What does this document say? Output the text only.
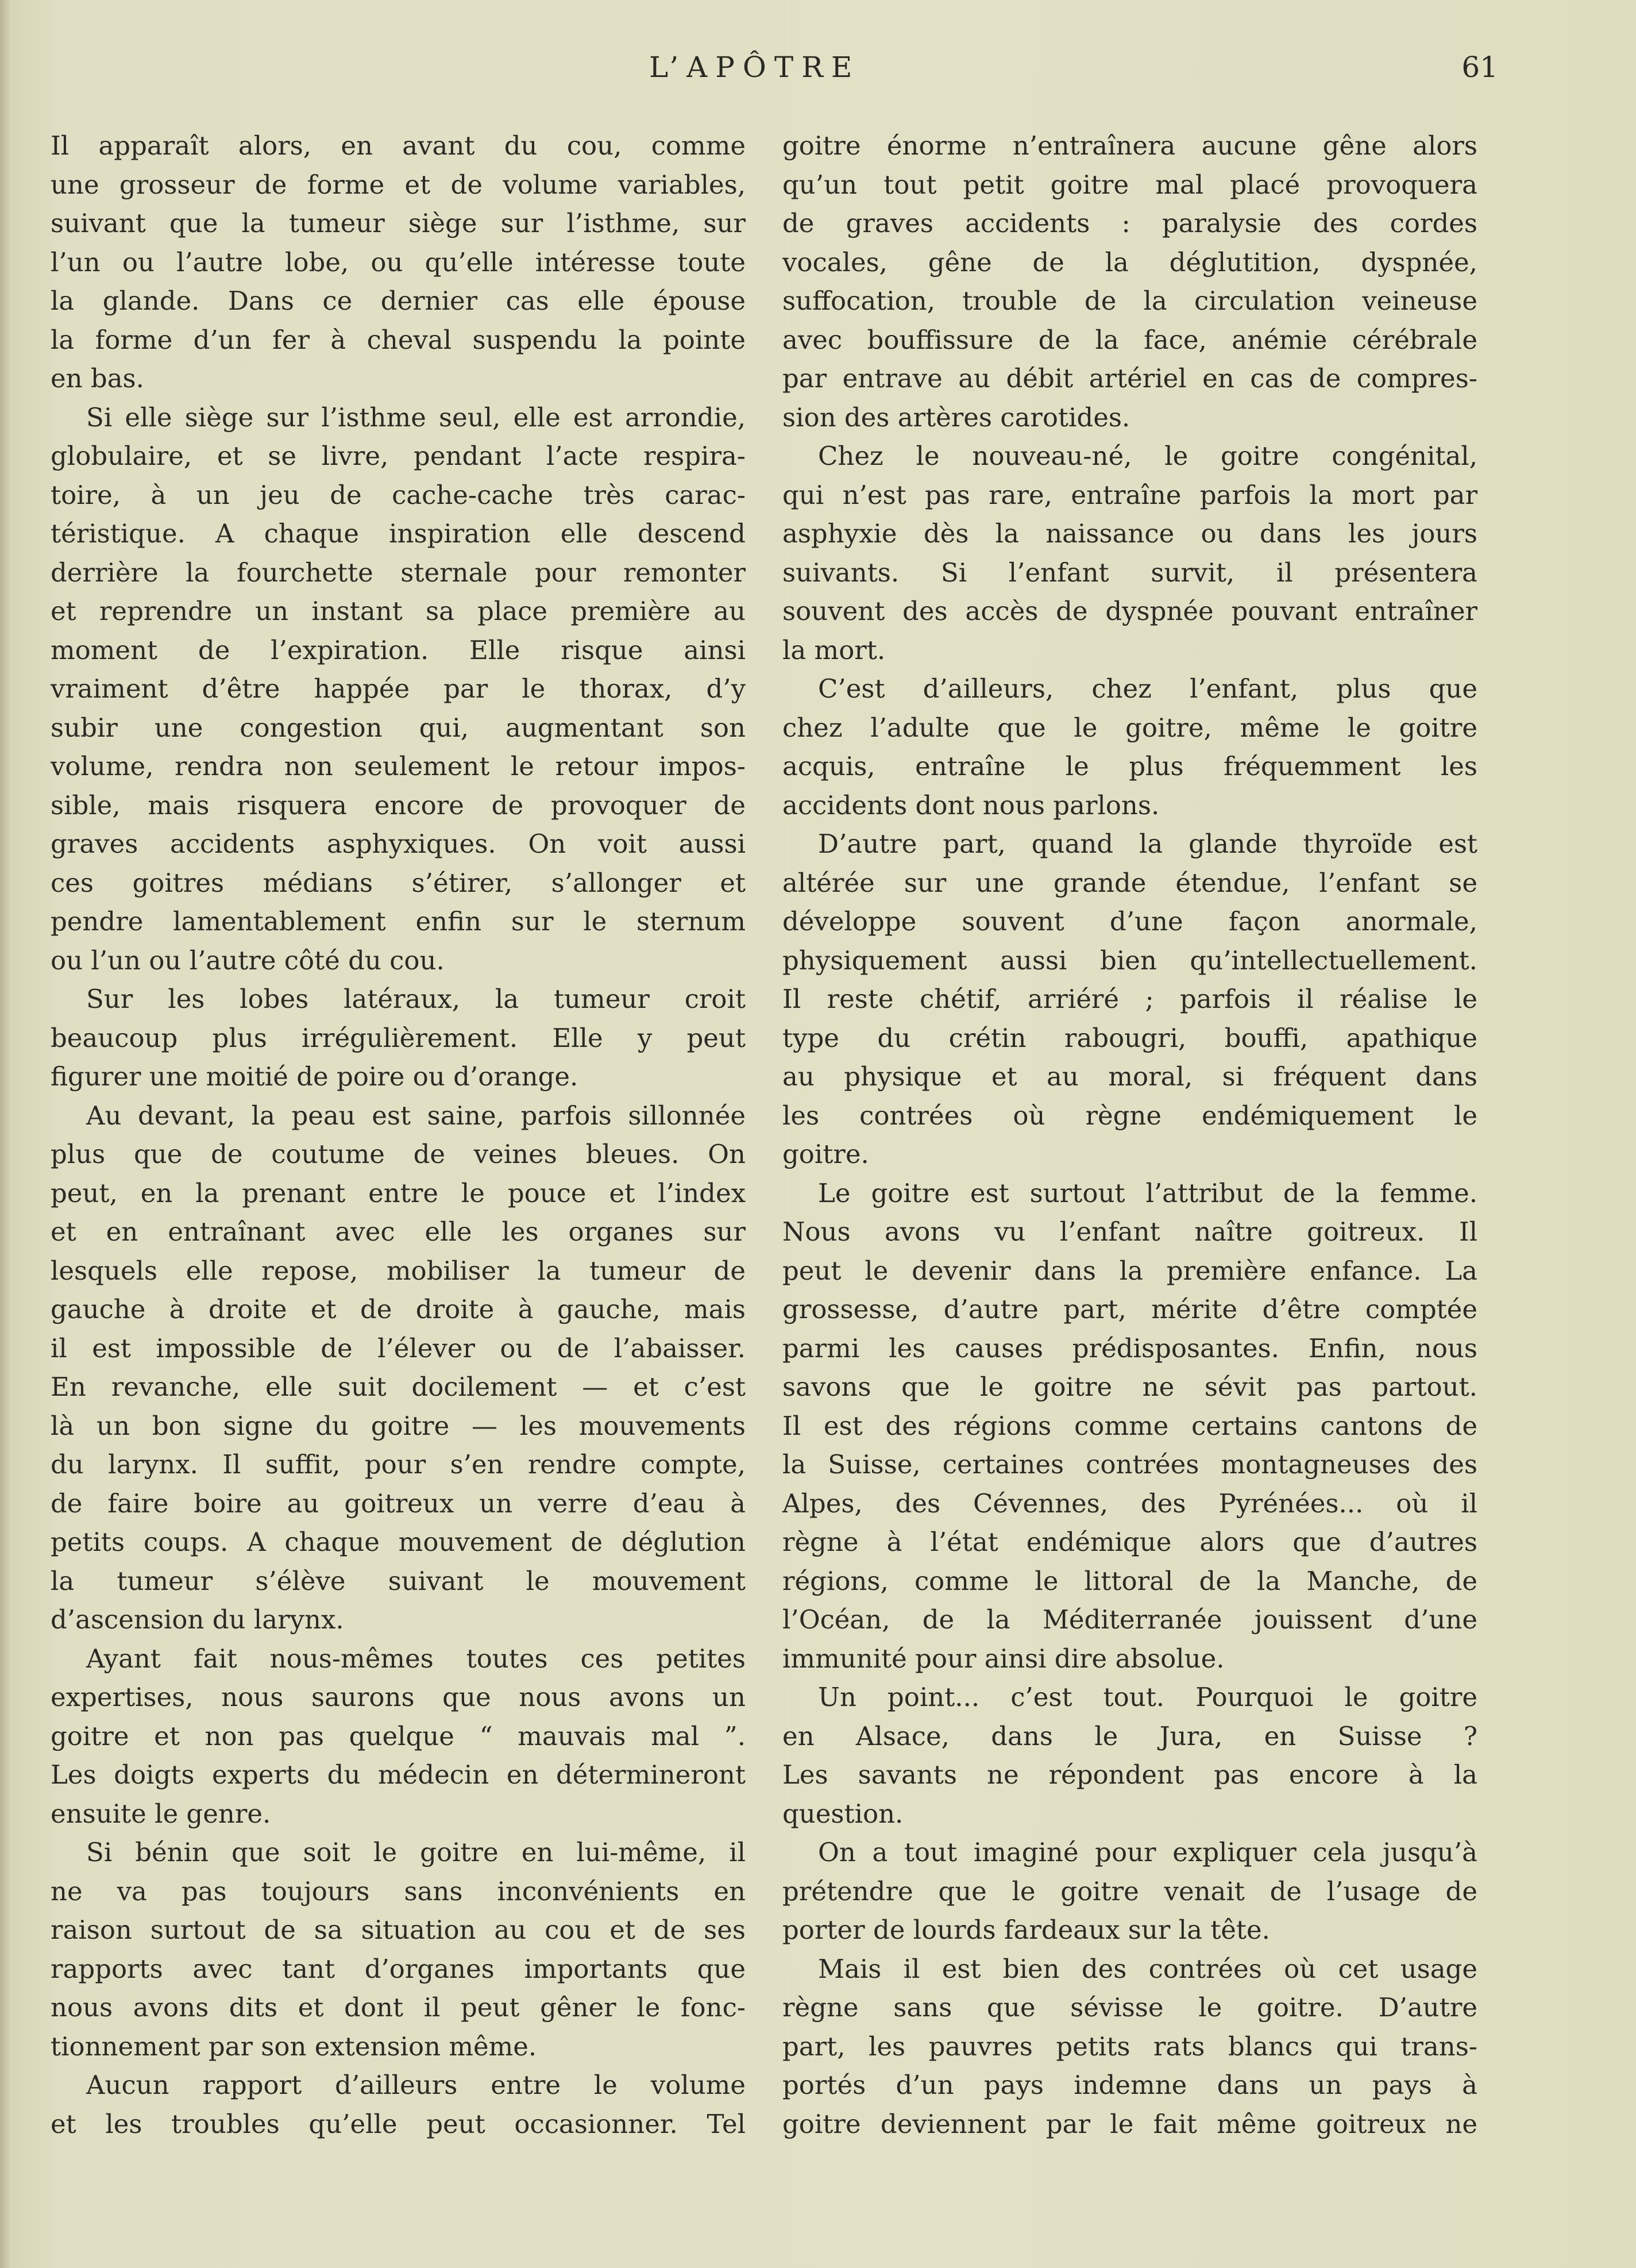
L’APÔTRE	61
Il apparaît alors, en avant du cou, comme
une grosseur de forme et de volume variables,
suivant que la tumeur siège sur l’isthme, sur
l’un ou l’autre lobe, ou qu’elle intéresse toute
la glande. Dans ce dernier cas elle épouse
la forme d’un fer à cheval suspendu la pointe
en bas.
Si elle siège sur l’isthme seul, elle est arrondie,
globulaire, et se livre, pendant l’acte respira-
toire, à un jeu de cache-cache très carac-
téristique. A chaque inspiration elle descend
derrière la fourchette sternale pour remonter
et reprendre un instant sa place première au
moment de l’expiration. Elle risque ainsi
vraiment d’être happée par le thorax, d’y
subir une congestion qui, augmentant son
volume, rendra non seulement le retour impos-
sible, mais risquera encore de provoquer de
graves accidents asphyxiques. On voit aussi
ces goitres médians s’étirer, s’allonger et
pendre lamentablement enfin sur le sternum
ou l’un ou l’autre côté du cou.
Sur les lobes latéraux, la tumeur croit
beaucoup plus irrégulièrement. Elle y peut
figurer une moitié de poire ou d’orange.
Au devant, la peau est saine, parfois sillonnée
plus que de coutume de veines bleues. On
peut, en la prenant entre le pouce et l’index
et en entraînant avec elle les organes sur
lesquels elle repose, mobiliser la tumeur de
gauche à droite et de droite à gauche, mais
il est impossible de l’élever ou de l’abaisser.
En revanche, elle suit docilement — et c’est
là un bon signe du goitre — les mouvements
du larynx. Il suffit, pour s’en rendre compte,
de faire boire au goitreux un verre d’eau à
petits coups. A chaque mouvement de déglution
la tumeur s’élève suivant le mouvement
d’ascension du larynx.
Ayant fait nous-mêmes toutes ces petites
expertises, nous saurons que nous avons un
goitre et non pas quelque “ mauvais mal ”.
Les doigts experts du médecin en détermineront
ensuite le genre.
Si bénin que soit le goitre en lui-même, il
ne va pas toujours sans inconvénients en
raison surtout de sa situation au cou et de ses
rapports avec tant d’organes importants que
nous avons dits et dont il peut gêner le fonc-
tionnement par son extension même.
Aucun rapport d’ailleurs entre le volume
et les troubles qu’elle peut occasionner. Tel
goitre énorme n’entraînera aucune gêne alors
qu’un tout petit goitre mal placé provoquera
de graves accidents : paralysie des cordes
vocales, gêne de la déglutition, dyspnée,
suffocation, trouble de la circulation veineuse
avec bouffissure de la face, anémie cérébrale
par entrave au débit artériel en cas de compres-
sion des artères carotides.
Chez le nouveau-né, le goitre congénital,
qui n’est pas rare, entraîne parfois la mort par
asphyxie dès la naissance ou dans les jours
suivants. Si l’enfant survit, il présentera
souvent des accès de dyspnée pouvant entraîner
la mort.
C’est d’ailleurs, chez l’enfant, plus que
chez l’adulte que le goitre, même le goitre
acquis, entraîne le plus fréquemment les
accidents dont nous parlons.
D’autre part, quand la glande thyroïde est
altérée sur une grande étendue, l’enfant se
développe souvent d’une façon anormale,
physiquement aussi bien qu’intellectuellement.
Il reste chétif, arriéré ; parfois il réalise le
type du crétin rabougri, bouffi, apathique
au physique et au moral, si fréquent dans
les contrées où règne endémiquement le
goitre.
Le goitre est surtout l’attribut de la femme.
Nous avons vu l’enfant naître goitreux. Il
peut le devenir dans la première enfance. La
grossesse, d’autre part, mérite d’être comptée
parmi les causes prédisposantes. Enfin, nous
savons que le goitre ne sévit pas partout.
Il est des régions comme certains cantons de
la Suisse, certaines contrées montagneuses des
Alpes, des Cévennes, des Pyrénées... où il
règne à l’état endémique alors que d’autres
régions, comme le littoral de la Manche, de
l’Océan, de la Méditerranée jouissent d’une
immunité pour ainsi dire absolue.
Un point... c’est tout. Pourquoi le goitre
en Alsace, dans le Jura, en Suisse ?
Les savants ne répondent pas encore à la
question.
On a tout imaginé pour expliquer cela jusqu’à
prétendre que le goitre venait de l’usage de
porter de lourds fardeaux sur la tête.
Mais il est bien des contrées où cet usage
règne sans que sévisse le goitre. D’autre
part, les pauvres petits rats blancs qui trans-
portés d’un pays indemne dans un pays à
goitre deviennent par le fait même goitreux ne
